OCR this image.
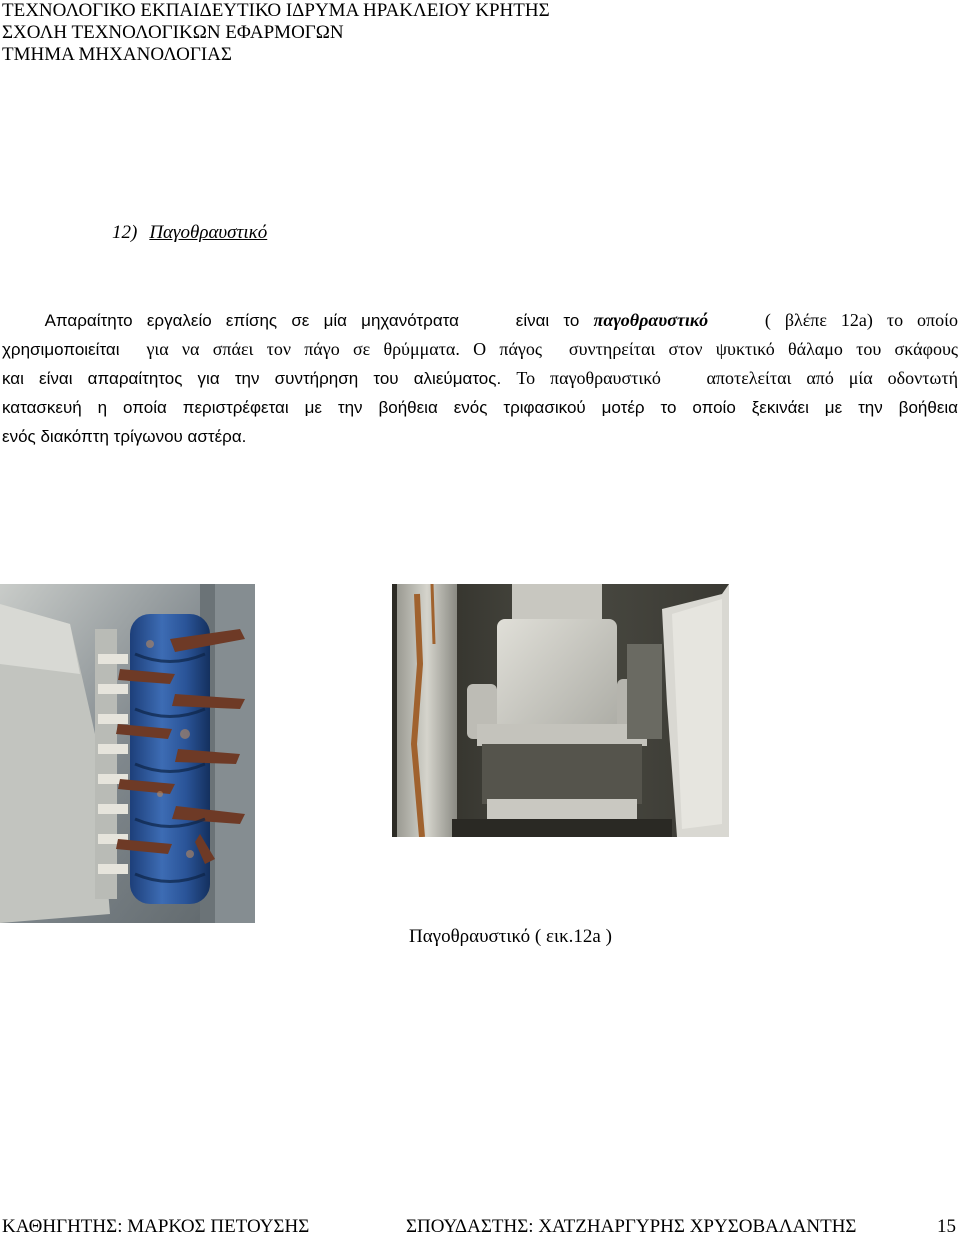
ΤΕΧΝΟΛΟΓΙΚΟ ΕΚΠΑΙΔΕΥΤΙΚΟ ΙΔΡΥΜΑ ΗΡΑΚΛΕΙΟΥ ΚΡΗΤΗΣ
ΣΧΟΛΗ ΤΕΧΝΟΛΟΓΙΚΩΝ ΕΦΑΡΜΟΓΩΝ
ΤΜΗΜΑ ΜΗΧΑΝΟΛΟΓΙΑΣ
12) Παγοθραυστικό
Απαραίτητο εργαλείο επίσης σε μία μηχανότρατα	είναι το παγοθραυστικό	( βλέπε 12a) το οποίο
χρησιμοποιείται για να σπάει τον πάγο σε θρύμματα. Ο πάγος συντηρείται στον ψυκτικό θάλαμο του σκάφους
και είναι απαραίτητος για την συντήρηση του αλιεύματος. Το παγοθραυστικό	αποτελείται από μία οδοντωτή
κατασκευή η οποία περιστρέφεται με την βοήθεια ενός τριφασικού μοτέρ το οποίο ξεκινάει με την βοήθεια
ενός διακόπτη τρίγωνου αστέρα.
Παγοθραυστικό ( εικ.12a )
ΚΑΘΗΓΗΤΗΣ: ΜΑΡΚΟΣ ΠΕΤΟΥΣΗΣ	ΣΠΟΥΔΑΣΤΗΣ: ΧΑΤΖΗΑΡΓΥΡΗΣ ΧΡΥΣΟΒΑΛΑΝΤΗΣ	15
